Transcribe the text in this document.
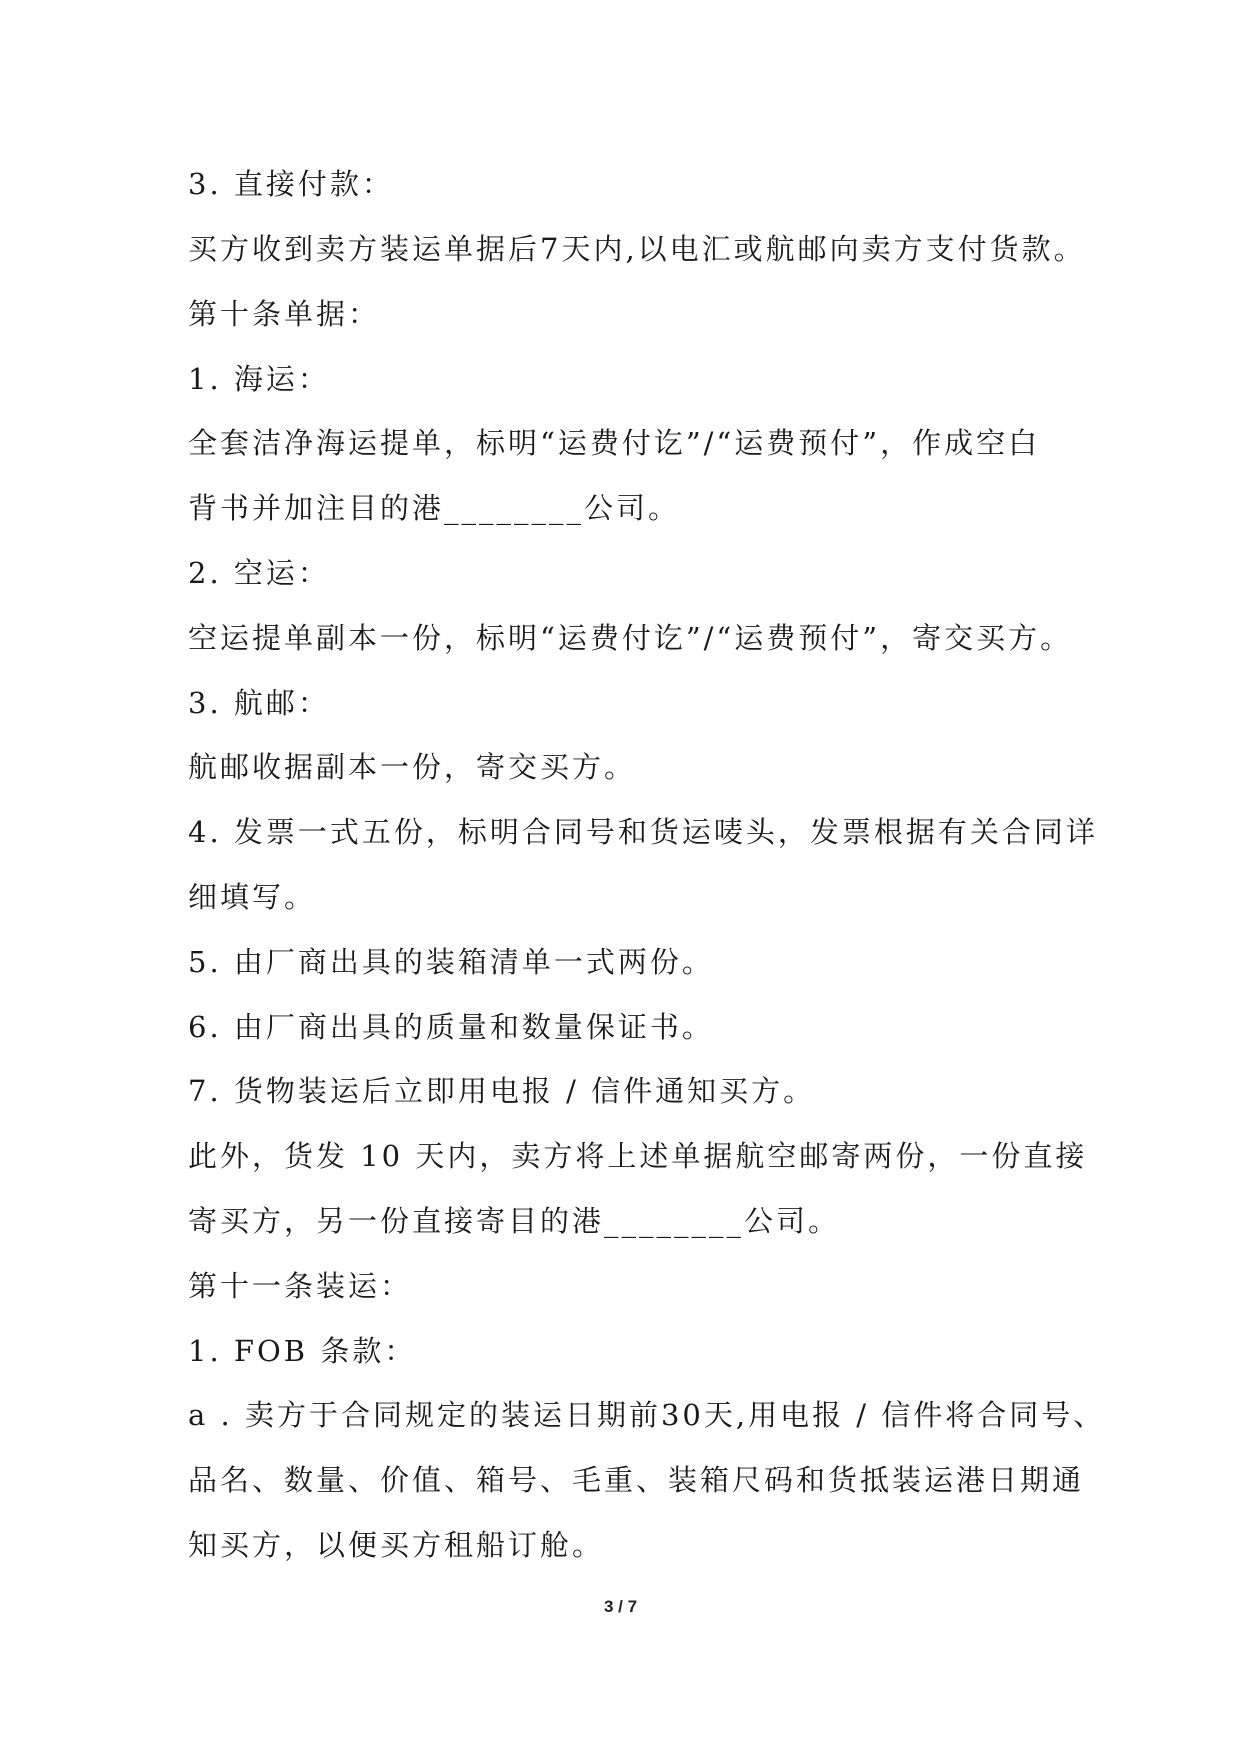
3. 直接付款：
买方收到卖方装运单据后7天内,以电汇或航邮向卖方支付货款。
第十条单据：
1. 海运：
全套洁净海运提单，标明“运费付讫”/“运费预付”，作成空白
背书并加注目的港________公司。
2. 空运：
空运提单副本一份，标明“运费付讫”/“运费预付”，寄交买方。
3. 航邮：
航邮收据副本一份，寄交买方。
4. 发票一式五份，标明合同号和货运唛头，发票根据有关合同详
细填写。
5. 由厂商出具的装箱清单一式两份。
6. 由厂商出具的质量和数量保证书。
7. 货物装运后立即用电报 / 信件通知买方。
此外，货发 10 天内，卖方将上述单据航空邮寄两份，一份直接
寄买方，另一份直接寄目的港________公司。
第十一条装运：
1. FOB 条款：
a . 卖方于合同规定的装运日期前30天,用电报 / 信件将合同号、
品名、数量、价值、箱号、毛重、装箱尺码和货抵装运港日期通
知买方，以便买方租船订舱。
3 / 7
